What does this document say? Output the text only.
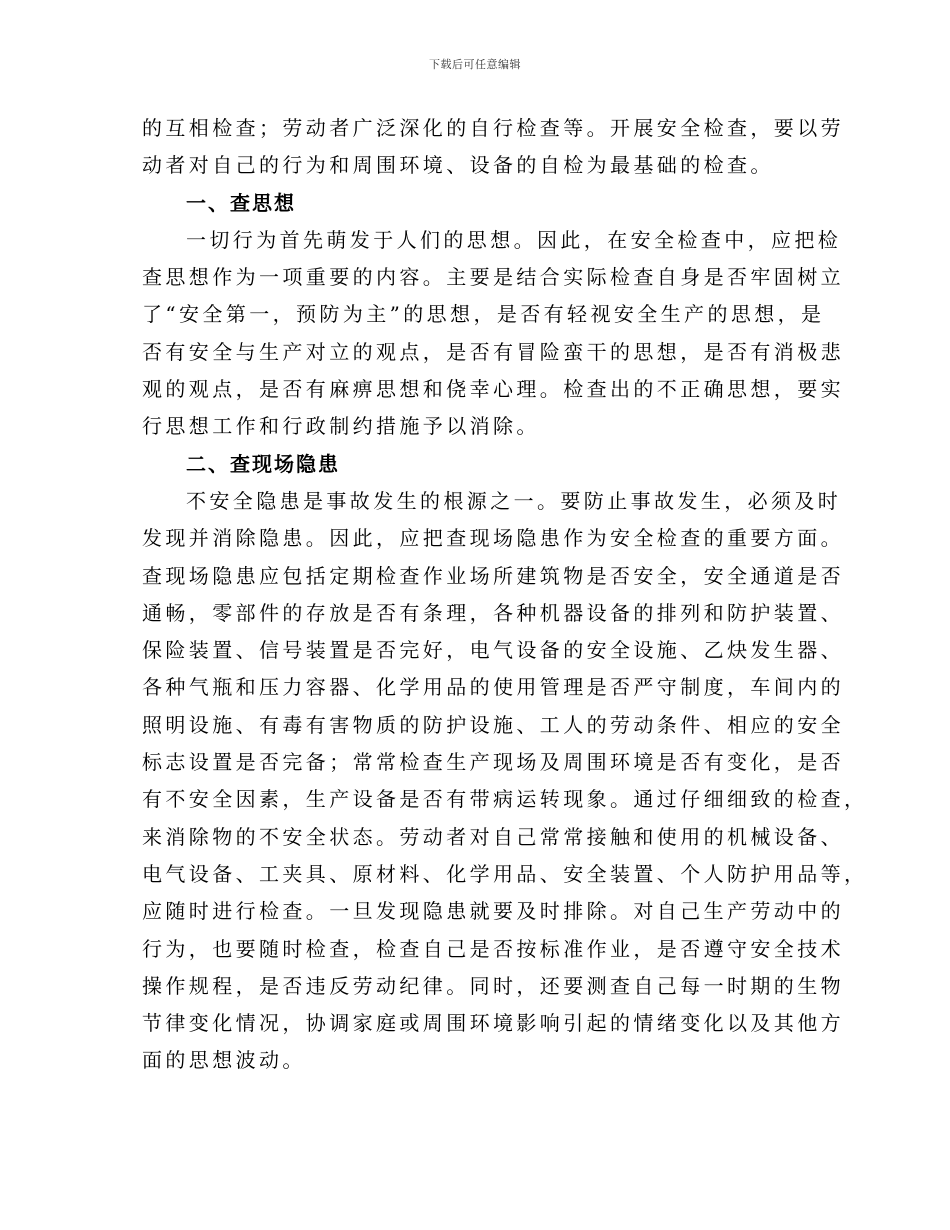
下载后可任意编辑
的互相检查；劳动者广泛深化的自行检查等。开展安全检查，要以劳
动者对自己的行为和周围环境、设备的自检为最基础的检查。
一、查思想
一切行为首先萌发于人们的思想。因此，在安全检查中，应把检
查思想作为一项重要的内容。主要是结合实际检查自身是否牢固树立
了“安全第一，预防为主”的思想，是否有轻视安全生产的思想，是
否有安全与生产对立的观点，是否有冒险蛮干的思想，是否有消极悲
观的观点，是否有麻痹思想和侥幸心理。检查出的不正确思想，要实
行思想工作和行政制约措施予以消除。
二、查现场隐患
不安全隐患是事故发生的根源之一。要防止事故发生，必须及时
发现并消除隐患。因此，应把查现场隐患作为安全检查的重要方面。
查现场隐患应包括定期检查作业场所建筑物是否安全，安全通道是否
通畅，零部件的存放是否有条理，各种机器设备的排列和防护装置、
保险装置、信号装置是否完好，电气设备的安全设施、乙炔发生器、
各种气瓶和压力容器、化学用品的使用管理是否严守制度，车间内的
照明设施、有毒有害物质的防护设施、工人的劳动条件、相应的安全
标志设置是否完备；常常检查生产现场及周围环境是否有变化，是否
有不安全因素，生产设备是否有带病运转现象。通过仔细细致的检查，
来消除物的不安全状态。劳动者对自己常常接触和使用的机械设备、
电气设备、工夹具、原材料、化学用品、安全装置、个人防护用品等，
应随时进行检查。一旦发现隐患就要及时排除。对自己生产劳动中的
行为，也要随时检查，检查自己是否按标准作业，是否遵守安全技术
操作规程，是否违反劳动纪律。同时，还要测查自己每一时期的生物
节律变化情况，协调家庭或周围环境影响引起的情绪变化以及其他方
面的思想波动。
